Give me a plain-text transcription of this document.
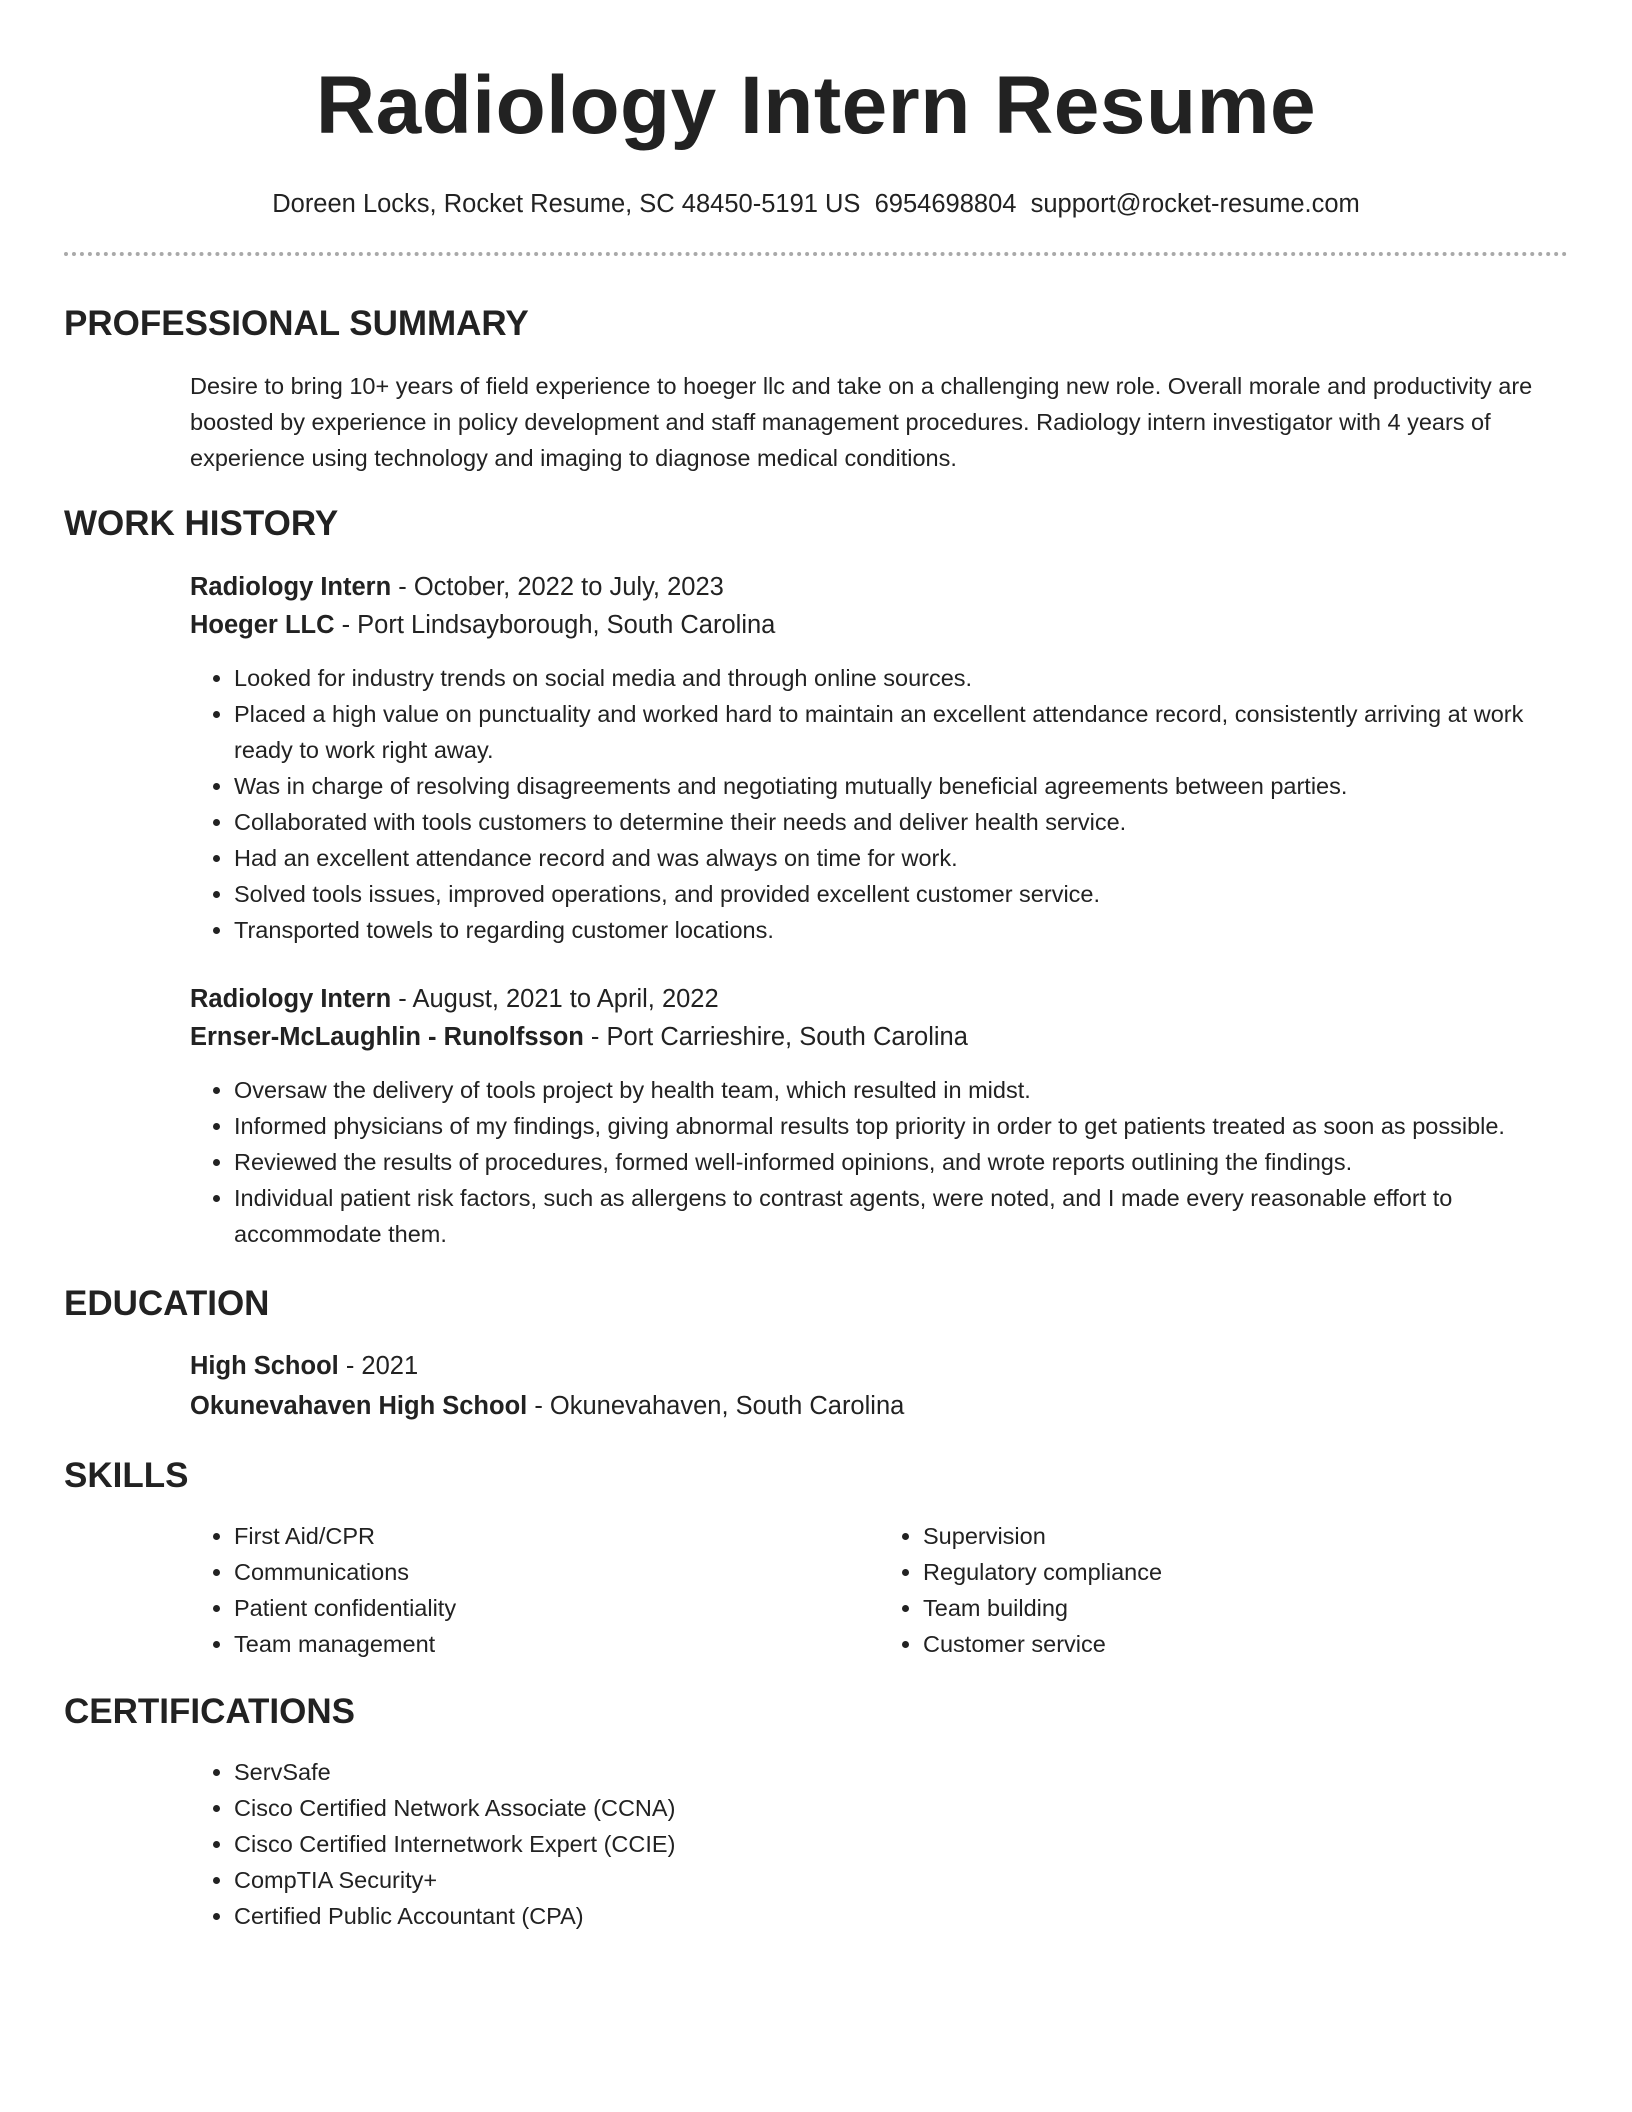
Radiology Intern Resume
Doreen Locks, Rocket Resume, SC 48450-5191 US 6954698804 support@rocket-resume.com
PROFESSIONAL SUMMARY

Desire to bring 10+ years of field experience to hoeger llc and take on a challenging new role. Overall morale and productivity are boosted by experience in policy development and staff management procedures. Radiology intern investigator with 4 years of experience using technology and imaging to diagnose medical conditions.

WORK HISTORY
Radiology Intern - October, 2022 to July, 2023
Hoeger LLC - Port Lindsayborough, South Carolina
• Looked for industry trends on social media and through online sources.
• Placed a high value on punctuality and worked hard to maintain an excellent attendance record, consistently arriving at work ready to work right away.
• Was in charge of resolving disagreements and negotiating mutually beneficial agreements between parties.
• Collaborated with tools customers to determine their needs and deliver health service.
• Had an excellent attendance record and was always on time for work.
• Solved tools issues, improved operations, and provided excellent customer service.
• Transported towels to regarding customer locations.
Radiology Intern - August, 2021 to April, 2022
Ernser-McLaughlin - Runolfsson - Port Carrieshire, South Carolina
• Oversaw the delivery of tools project by health team, which resulted in midst.
• Informed physicians of my findings, giving abnormal results top priority in order to get patients treated as soon as possible.
• Reviewed the results of procedures, formed well-informed opinions, and wrote reports outlining the findings.
• Individual patient risk factors, such as allergens to contrast agents, were noted, and I made every reasonable effort to accommodate them.
EDUCATION
High School - 2021
Okunevahaven High School - Okunevahaven, South Carolina
SKILLS
• First Aid/CPR
• Communications
• Patient confidentiality
• Team management
• Supervision
• Regulatory compliance
• Team building
• Customer service
CERTIFICATIONS
• ServSafe
• Cisco Certified Network Associate (CCNA)
• Cisco Certified Internetwork Expert (CCIE)
• CompTIA Security+
• Certified Public Accountant (CPA)
